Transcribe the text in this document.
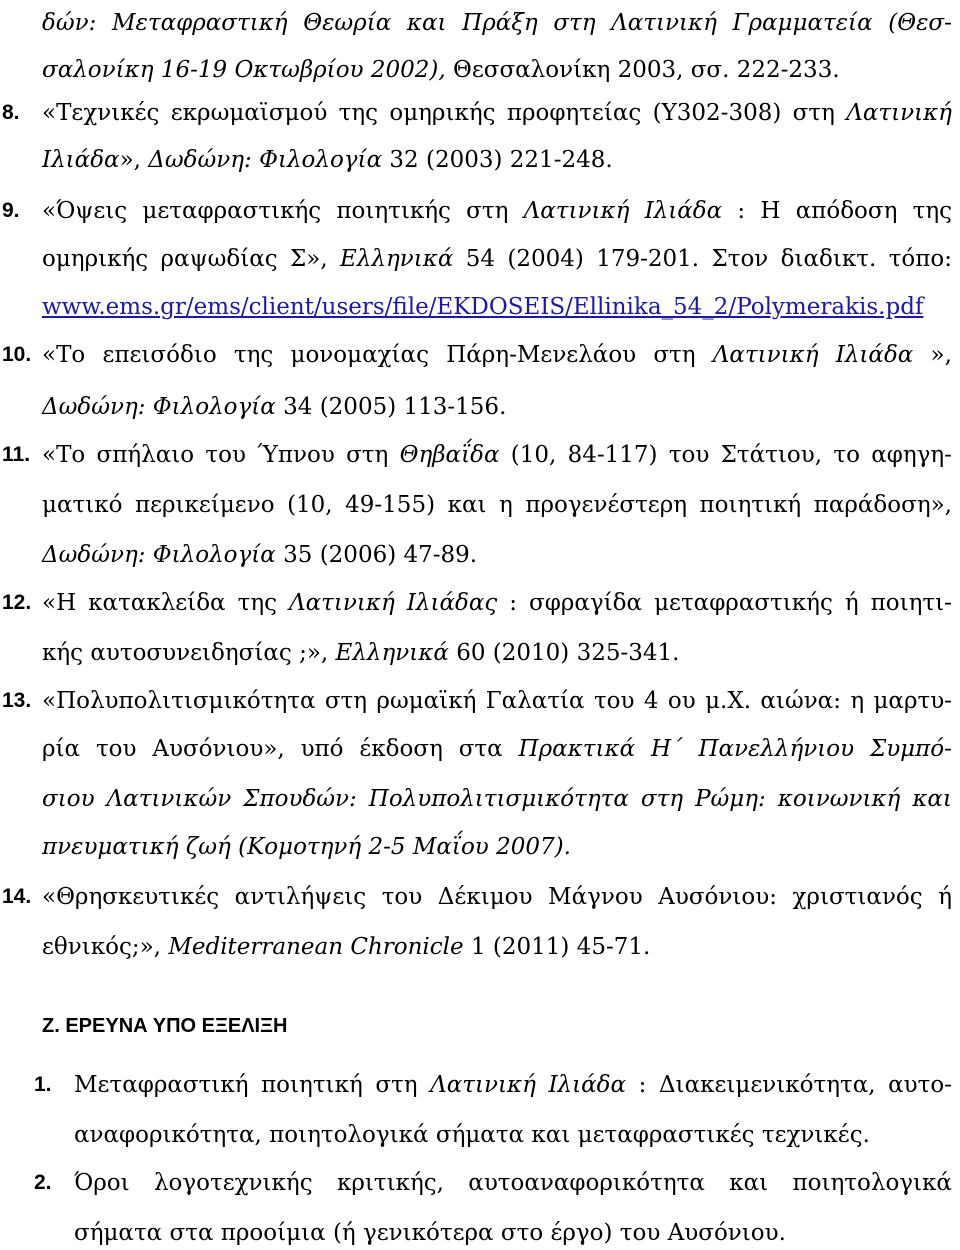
δών: Μεταφραστική Θεωρία και Πράξη στη Λατινική Γραμματεία (Θεσ-
σαλονίκη 16-19 Οκτωβρίου 2002), Θεσσαλονίκη 2003, σσ. 222-233.
8. «Τεχνικές εκρωμαϊσμού της ομηρικής προφητείας (Y302-308) στη Λατινική
Ιλιάδα», Δωδώνη: Φιλολογία 32 (2003) 221-248.
9. «Όψεις μεταφραστικής ποιητικής στη Λατινική Ιλιάδα : Η απόδοση της
ομηρικής ραψωδίας Σ», Ελληνικά 54 (2004) 179-201. Στον διαδικτ. τόπο:
www.ems.gr/ems/client/users/file/EKDOSEIS/Ellinika_54_2/Polymerakis.pdf
10. «Το επεισόδιο της μονομαχίας Πάρη-Μενελάου στη Λατινική Ιλιάδα »,
Δωδώνη: Φιλολογία 34 (2005) 113-156.
11. «Το σπήλαιο του Ύπνου στη Θηβαΐδα (10, 84-117) του Στάτιου, το αφηγη-
ματικό περικείμενο (10, 49-155) και η προγενέστερη ποιητική παράδοση»,
Δωδώνη: Φιλολογία 35 (2006) 47-89.
12. «Η κατακλείδα της Λατινική Ιλιάδας : σφραγίδα μεταφραστικής ή ποιητι-
κής αυτοσυνειδησίας ;», Ελληνικά 60 (2010) 325-341.
13. «Πολυπολιτισμικότητα στη ρωμαϊκή Γαλατία του 4 ου μ.Χ. αιώνα: η μαρτυ-
ρία του Αυσόνιου», υπό έκδοση στα Πρακτικά Η΄ Πανελλήνιου Συμπό-
σιου Λατινικών Σπουδών: Πολυπολιτισμικότητα στη Ρώμη: κοινωνική και
πνευματική ζωή (Κομοτηνή 2-5 Μαΐου 2007).
14. «Θρησκευτικές αντιλήψεις του Δέκιμου Μάγνου Αυσόνιου: χριστιανός ή
εθνικός;», Mediterranean Chronicle 1 (2011) 45-71.
Ζ. ΕΡΕΥΝΑ ΥΠΟ ΕΞΕΛΙΞΗ
1. Μεταφραστική ποιητική στη Λατινική Ιλιάδα : Διακειμενικότητα, αυτο-
αναφορικότητα, ποιητολογικά σήματα και μεταφραστικές τεχνικές.
2. Όροι λογοτεχνικής κριτικής, αυτοαναφορικότητα και ποιητολογικά
σήματα στα προοίμια (ή γενικότερα στο έργο) του Αυσόνιου.
